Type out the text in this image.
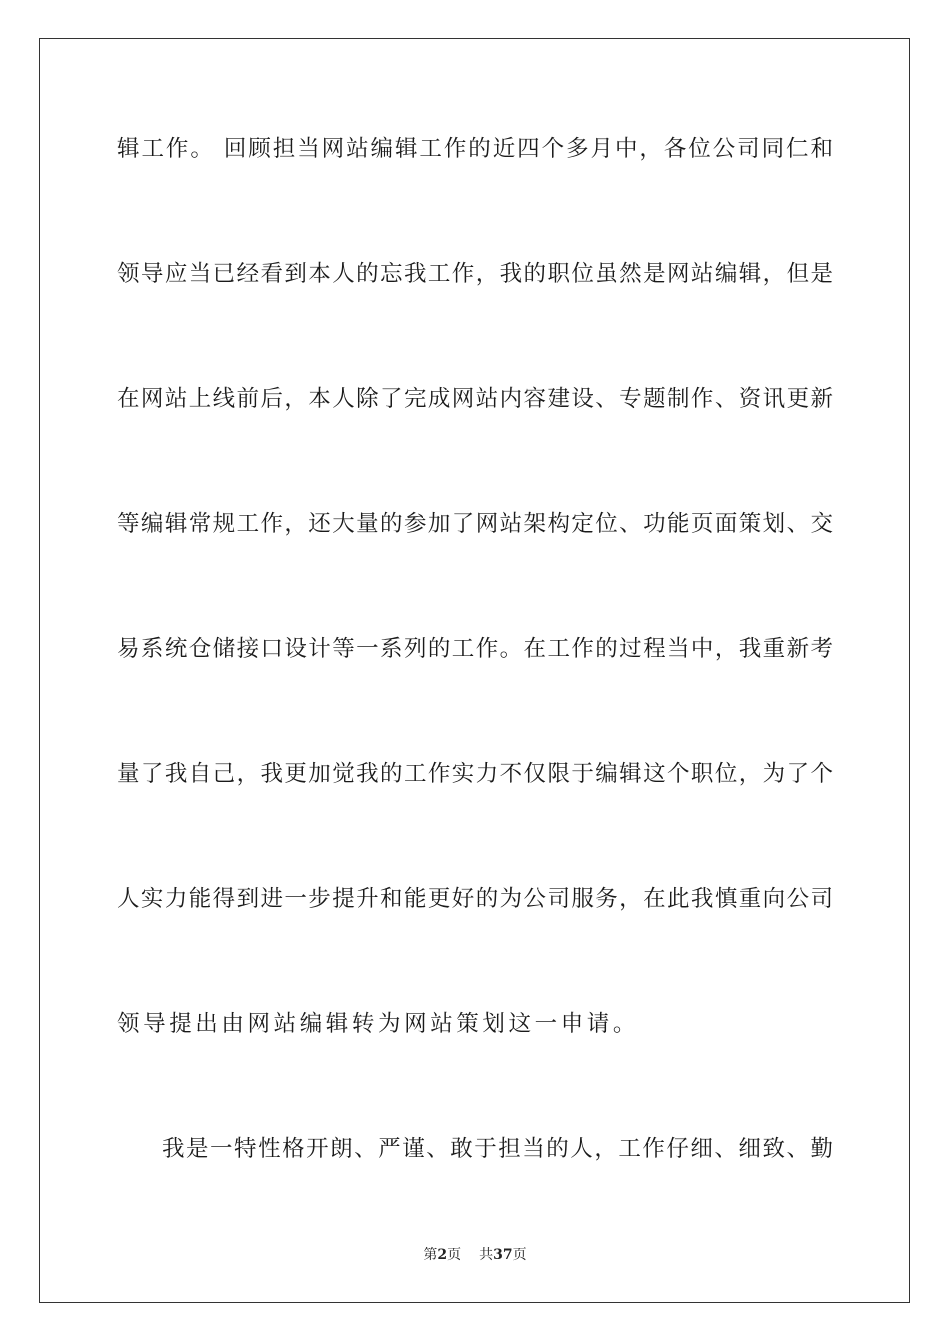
辑工作。 回顾担当网站编辑工作的近四个多月中，各位公司同仁和
领导应当已经看到本人的忘我工作，我的职位虽然是网站编辑，但是
在网站上线前后，本人除了完成网站内容建设、专题制作、资讯更新
等编辑常规工作，还大量的参加了网站架构定位、功能页面策划、交
易系统仓储接口设计等一系列的工作。在工作的过程当中，我重新考
量了我自己，我更加觉我的工作实力不仅限于编辑这个职位，为了个
人实力能得到进一步提升和能更好的为公司服务，在此我慎重向公司
领导提出由网站编辑转为网站策划这一申请。
我是一特性格开朗、严谨、敢于担当的人，工作仔细、细致、勤
第2页 共37页
